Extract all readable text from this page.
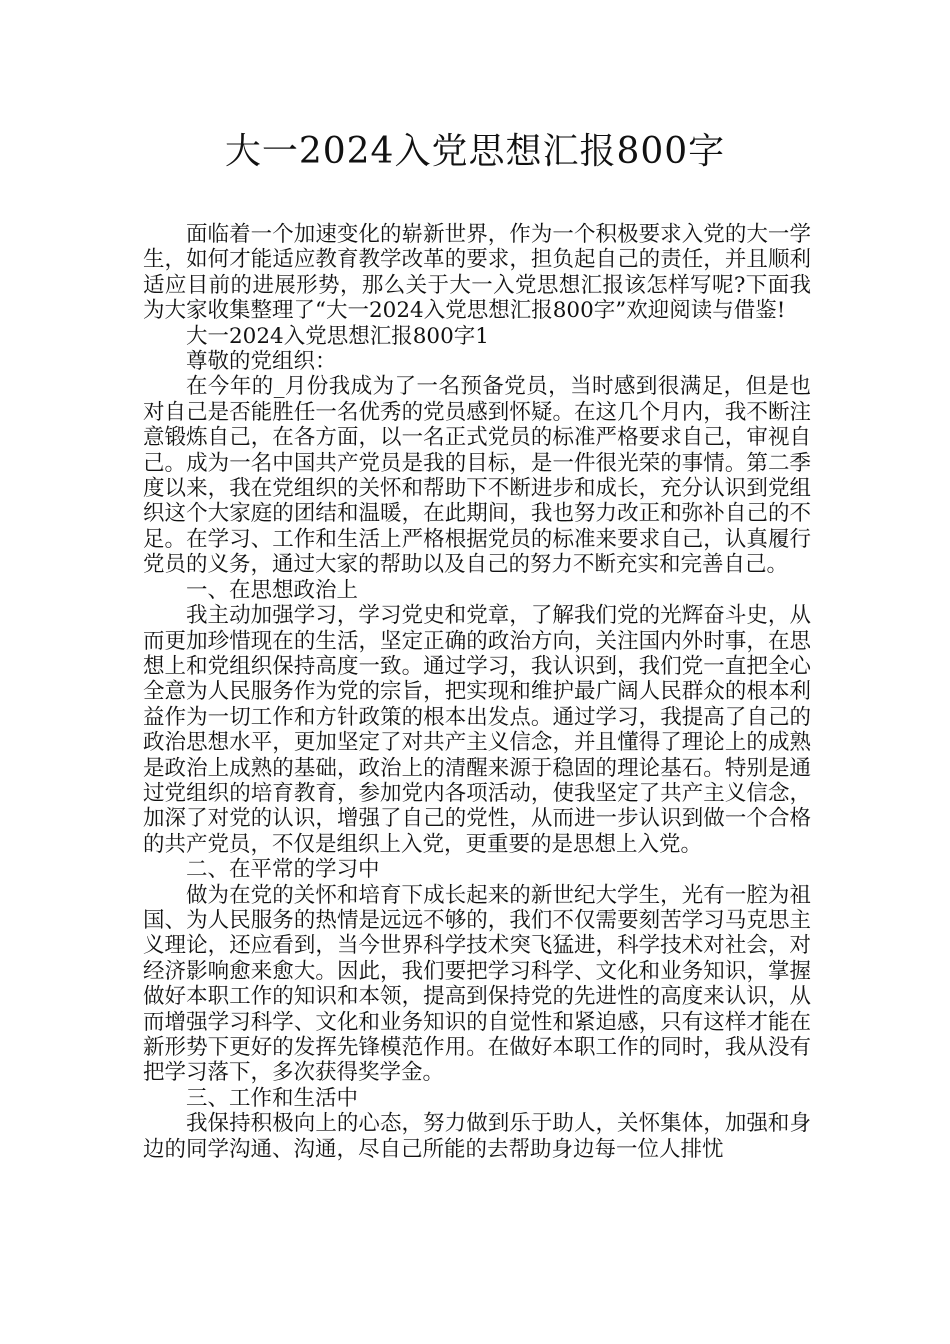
大一2024入党思想汇报800字

面临着一个加速变化的崭新世界，作为一个积极要求入党的大一学生，如何才能适应教育教学改革的要求，担负起自己的责任，并且顺利适应目前的进展形势，那么关于大一入党思想汇报该怎样写呢?下面我为大家收集整理了“大一2024入党思想汇报800字”欢迎阅读与借鉴!

大一2024入党思想汇报800字1

尊敬的党组织：

在今年的_月份我成为了一名预备党员，当时感到很满足，但是也对自己是否能胜任一名优秀的党员感到怀疑。在这几个月内，我不断注意锻炼自己，在各方面，以一名正式党员的标准严格要求自己，审视自己。成为一名中国共产党员是我的目标，是一件很光荣的事情。第二季度以来，我在党组织的关怀和帮助下不断进步和成长，充分认识到党组织这个大家庭的团结和温暖，在此期间，我也努力改正和弥补自己的不足。在学习、工作和生活上严格根据党员的标准来要求自己，认真履行党员的义务，通过大家的帮助以及自己的努力不断充实和完善自己。

一、在思想政治上

我主动加强学习，学习党史和党章，了解我们党的光辉奋斗史，从而更加珍惜现在的生活，坚定正确的政治方向，关注国内外时事，在思想上和党组织保持高度一致。通过学习，我认识到，我们党一直把全心全意为人民服务作为党的宗旨，把实现和维护最广阔人民群众的根本利益作为一切工作和方针政策的根本出发点。通过学习，我提高了自己的政治思想水平，更加坚定了对共产主义信念，并且懂得了理论上的成熟是政治上成熟的基础，政治上的清醒来源于稳固的理论基石。特别是通过党组织的培育教育，参加党内各项活动，使我坚定了共产主义信念，加深了对党的认识，增强了自己的党性，从而进一步认识到做一个合格的共产党员，不仅是组织上入党，更重要的是思想上入党。

二、在平常的学习中

做为在党的关怀和培育下成长起来的新世纪大学生，光有一腔为祖国、为人民服务的热情是远远不够的，我们不仅需要刻苦学习马克思主义理论，还应看到，当今世界科学技术突飞猛进，科学技术对社会，对经济影响愈来愈大。因此，我们要把学习科学、文化和业务知识，掌握做好本职工作的知识和本领，提高到保持党的先进性的高度来认识，从而增强学习科学、文化和业务知识的自觉性和紧迫感，只有这样才能在新形势下更好的发挥先锋模范作用。在做好本职工作的同时，我从没有把学习落下，多次获得奖学金。

三、工作和生活中

我保持积极向上的心态，努力做到乐于助人，关怀集体，加强和身边的同学沟通、沟通，尽自己所能的去帮助身边每一位人排忧
